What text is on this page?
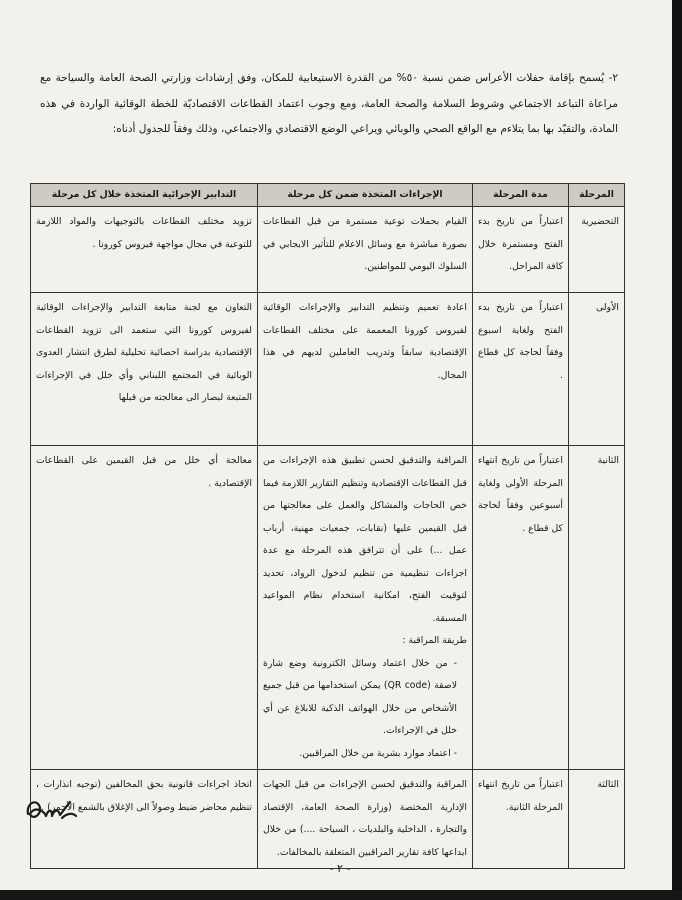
٢- يُسمح بإقامة حفلات الأعراس ضمن نسبة ٥٠% من القدرة الاستيعابية للمكان، وفق إرشادات وزارتي الصحة العامة والسياحة مع مراعاة التباعد الاجتماعي وشروط السلامة والصحة العامة، ومع وجوب اعتماد القطاعات الاقتصاديّة للخطة الوقائية الواردة في هذه المادة، والتقيّد بها بما يتلاءم مع الواقع الصحي والوبائي ويراعي الوضع الاقتصادي والاجتماعي، وذلك وفقاً للجدول أدناه:
المرحلة	مدة المرحلة	الإجراءات المتخذة ضمن كل مرحلة	التدابير الإجرائية المتخذة خلال كل مرحلة
التحضيرية	اعتباراً من تاريخ بدء الفتح ومستمرة خلال كافة المراحل.	القيام بحملات توعية مستمرة من قبل القطاعات بصورة مباشرة مع وسائل الاعلام للتأثير الايجابي في السلوك اليومي للمواطنين.	تزويد مختلف القطاعات بالتوجيهات والمواد اللازمة للتوعية في مجال مواجهة فيروس كورونا .
الأولى	اعتباراً من تاريخ بدء الفتح ولغاية اسبوع وفقاً لحاجة كل قطاع .	اعادة تعميم وتنظيم التدابير والإجراءات الوقائية لفيروس كورونا المعممة على مختلف القطاعات الإقتصادية سابقاً وتدريب العاملين لديهم في هذا المجال.	التعاون مع لجنة متابعة التدابير والإجراءات الوقائية لفيروس كورونا التي ستعمد الى تزويد القطاعات الإقتصادية بدراسة احصائية تحليلية لطرق انتشار العدوى الوبائية في المجتمع اللبناني وأي خلل في الإجراءات المتبعة لبصار الى معالجته من قبلها
الثانية	اعتباراً من تاريخ انتهاء المرحلة الأولى ولغاية أسبوعين وفقاً لحاجة كل قطاع .	المراقبة والتدقيق لحسن تطبيق هذه الإجراءات من قبل القطاعات الإقتصادية وتنظيم التقارير اللازمة فيما خص الحاجات والمشاكل والعمل على معالجتها من قبل القيمين عليها (نقابات، جمعيات مهنية، أرباب عمل ...) على أن تترافق هذه المرحلة مع عدة اجراءات تنظيمية من تنظيم لدخول الرواد، تحديد لتوقيت الفتح، امكانية استخدام نظام المواعيد المسبقة.
طريقة المراقبة :
- من خلال اعتماد وسائل الكترونية وضع شارة لاصقة (QR code) يمكن استخدامها من قبل جميع الأشخاص من خلال الهواتف الذكية للابلاغ عن أي خلل في الإجراءات.
- اعتماد موارد بشرية من خلال المراقبين.	معالجة أي خلل من قبل القيمين على القطاعات الإقتصادية .
الثالثة	اعتباراً من تاريخ انتهاء المرحلة الثانية.	المراقبة والتدقيق لحسن الإجراءات من قبل الجهات الإدارية المختصة (وزارة الصحة العامة، الإقتصاد والتجارة ، الداخلية والبلديات ، السياحة ....) من خلال ايداعها كافة تقارير المراقبين المتعلقة بالمخالفات.	اتخاذ اجراءات قانونية بحق المخالفين (توجيه انذارات ، تنظيم محاضر ضبط وصولاً الى الإغلاق بالشمع الأحمر) .
- ٢ -
